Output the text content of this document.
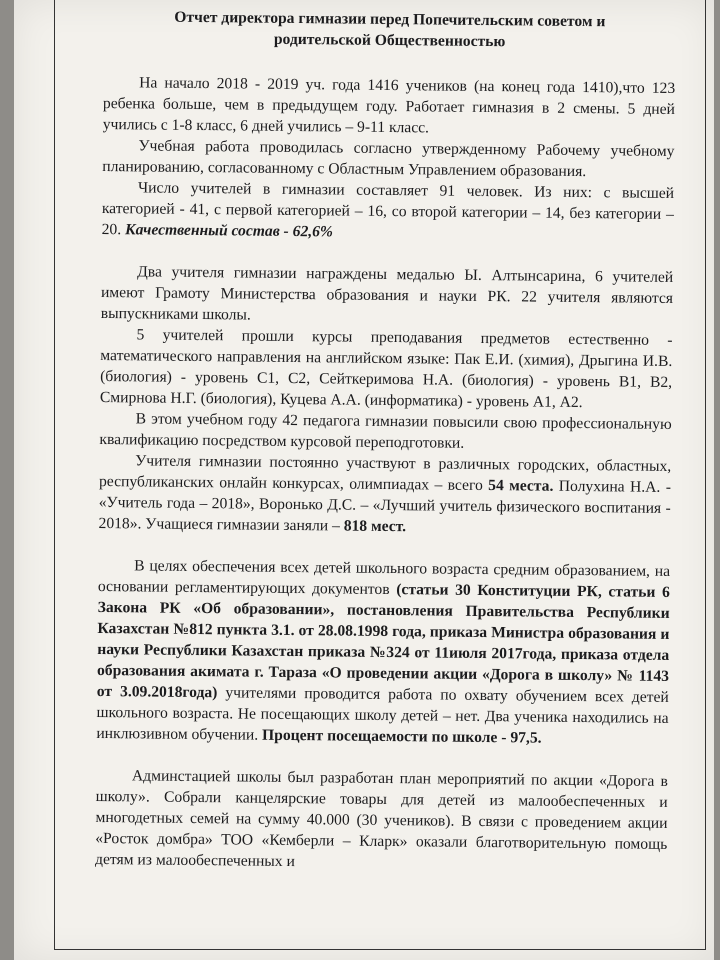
Отчет директора гимназии перед Попечительским советом и
родительской Общественностью

На начало 2018 - 2019 уч. года 1416 учеников (на конец года 1410),что 123 ребенка больше, чем в предыдущем году. Работает гимназия в 2 смены. 5 дней учились с 1-8 класс, 6 дней учились – 9-11 класс.

Учебная работа проводилась согласно утвержденному Рабочему учебному планированию, согласованному с Областным Управлением образования.

Число учителей в гимназии составляет 91 человек. Из них: с высшей категорией - 41, с первой категорией – 16, со второй категории – 14, без категории – 20. Качественный состав - 62,6%

Два учителя гимназии награждены медалью Ы. Алтынсарина, 6 учителей имеют Грамоту Министерства образования и науки РК. 22 учителя являются выпускниками школы.

5 учителей прошли курсы преподавания предметов естественно - математического направления на английском языке: Пак Е.И. (химия), Дрыгина И.В. (биология) - уровень С1, С2, Сейткеримова Н.А. (биология) - уровень В1, В2, Смирнова Н.Г. (биология), Куцева А.А. (информатика) - уровень А1, А2.

В этом учебном году 42 педагога гимназии повысили свою профессиональную квалификацию посредством курсовой переподготовки.

Учителя гимназии постоянно участвуют в различных городских, областных, республиканских онлайн конкурсах, олимпиадах – всего 54 места. Полухина Н.А. - «Учитель года – 2018», Воронько Д.С. – «Лучший учитель физического воспитания - 2018». Учащиеся гимназии заняли – 818 мест.

В целях обеспечения всех детей школьного возраста средним образованием, на основании регламентирующих документов (статьи 30 Конституции РК, статьи 6 Закона РК «Об образовании», постановления Правительства Республики Казахстан №812 пункта 3.1. от 28.08.1998 года, приказа Министра образования и науки Республики Казахстан приказа №324 от 11июля 2017года, приказа отдела образования акимата г. Тараза «О проведении акции «Дорога в школу» № 1143 от 3.09.2018года) учителями проводится работа по охвату обучением всех детей школьного возраста. Не посещающих школу детей – нет. Два ученика находились на инклюзивном обучении. Процент посещаемости по школе - 97,5.

Админстацией школы был разработан план мероприятий по акции «Дорога в школу». Собрали канцелярские товары для детей из малообеспеченных и многодетных семей на сумму 40.000 (30 учеников). В связи с проведением акции «Росток домбра» ТОО «Кемберли – Кларк» оказали благотворительную помощь детям из малообеспеченных и
